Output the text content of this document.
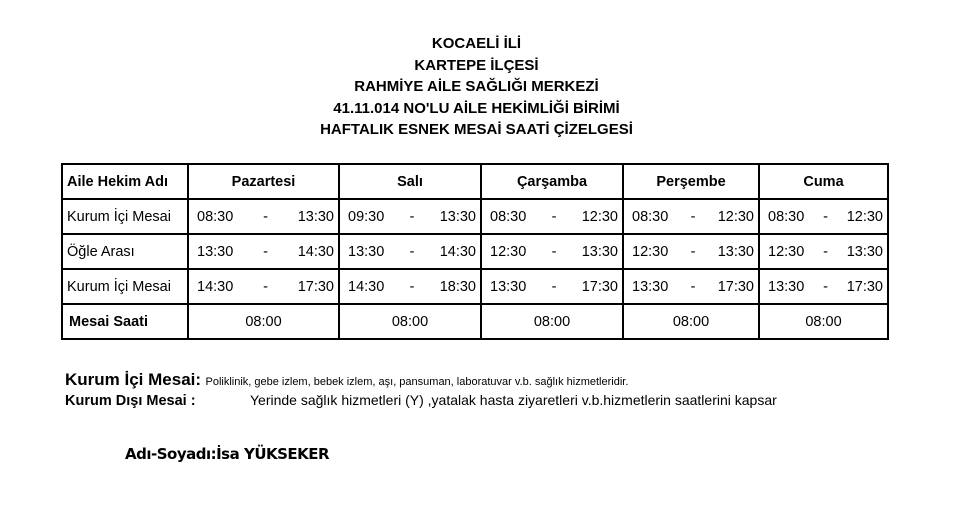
KOCAELİ İLİ
KARTEPE İLÇESİ
RAHMİYE AİLE SAĞLIĞI MERKEZİ
41.11.014 NO'LU AİLE HEKİMLİĞİ BİRİMİ
HAFTALIK ESNEK MESAİ SAATİ ÇİZELGESİ
Aile Hekim Adı	Pazartesi	Salı	Çarşamba	Perşembe	Cuma
Kurum İçi Mesai	08:30 - 13:30	09:30 - 13:30	08:30 - 12:30	08:30 - 12:30	08:30 - 12:30

Öğle Arası	13:30 - 14:30	13:30 - 14:30	12:30 - 13:30	12:30 - 13:30	12:30 - 13:30

Kurum İçi Mesai	14:30 - 17:30	14:30 - 18:30	13:30 - 17:30	13:30 - 17:30	13:30 - 17:30

Mesai Saati	08:00	08:00	08:00	08:00	08:00
Kurum İçi Mesai: Poliklinik, gebe izlem, bebek izlem, aşı, pansuman, laboratuvar v.b. sağlık hizmetleridir.
Kurum Dışı Mesai :	Yerinde sağlık hizmetleri (Y) ,yatalak hasta ziyaretleri v.b.hizmetlerin saatlerini kapsar
Adı-Soyadı:İsa YÜKSEKER
